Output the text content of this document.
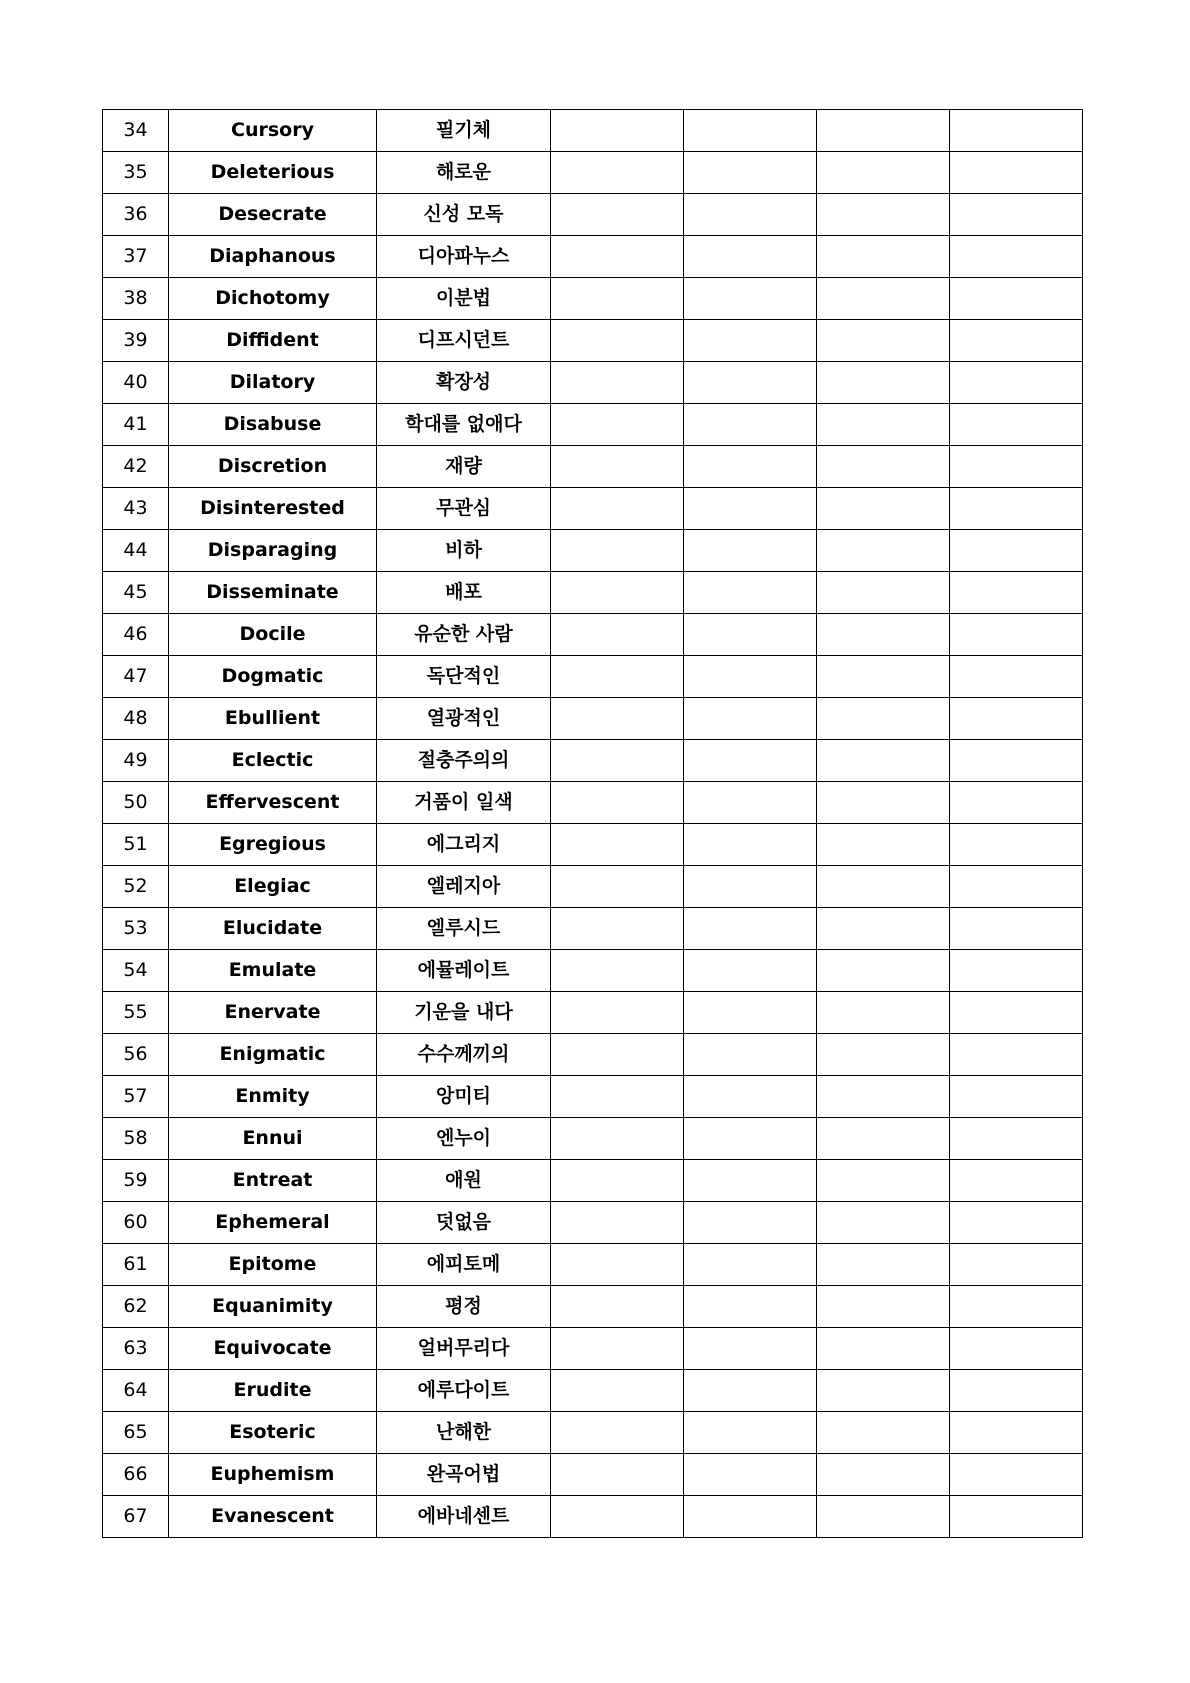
34	Cursory	필기체				
35	Deleterious	해로운				
36	Desecrate	신성 모독				
37	Diaphanous	디아파누스				
38	Dichotomy	이분법				
39	Diffident	디프시던트				
40	Dilatory	확장성				
41	Disabuse	학대를 없애다				
42	Discretion	재량				
43	Disinterested	무관심				
44	Disparaging	비하				
45	Disseminate	배포				
46	Docile	유순한 사람				
47	Dogmatic	독단적인				
48	Ebullient	열광적인				
49	Eclectic	절충주의의				
50	Effervescent	거품이 일색				
51	Egregious	에그리지				
52	Elegiac	엘레지아				
53	Elucidate	엘루시드				
54	Emulate	에뮬레이트				
55	Enervate	기운을 내다				
56	Enigmatic	수수께끼의				
57	Enmity	앙미티				
58	Ennui	엔누이				
59	Entreat	애원				
60	Ephemeral	덧없음				
61	Epitome	에피토메				
62	Equanimity	평정				
63	Equivocate	얼버무리다				
64	Erudite	에루다이트				
65	Esoteric	난해한				
66	Euphemism	완곡어법				
67	Evanescent	에바네센트				
